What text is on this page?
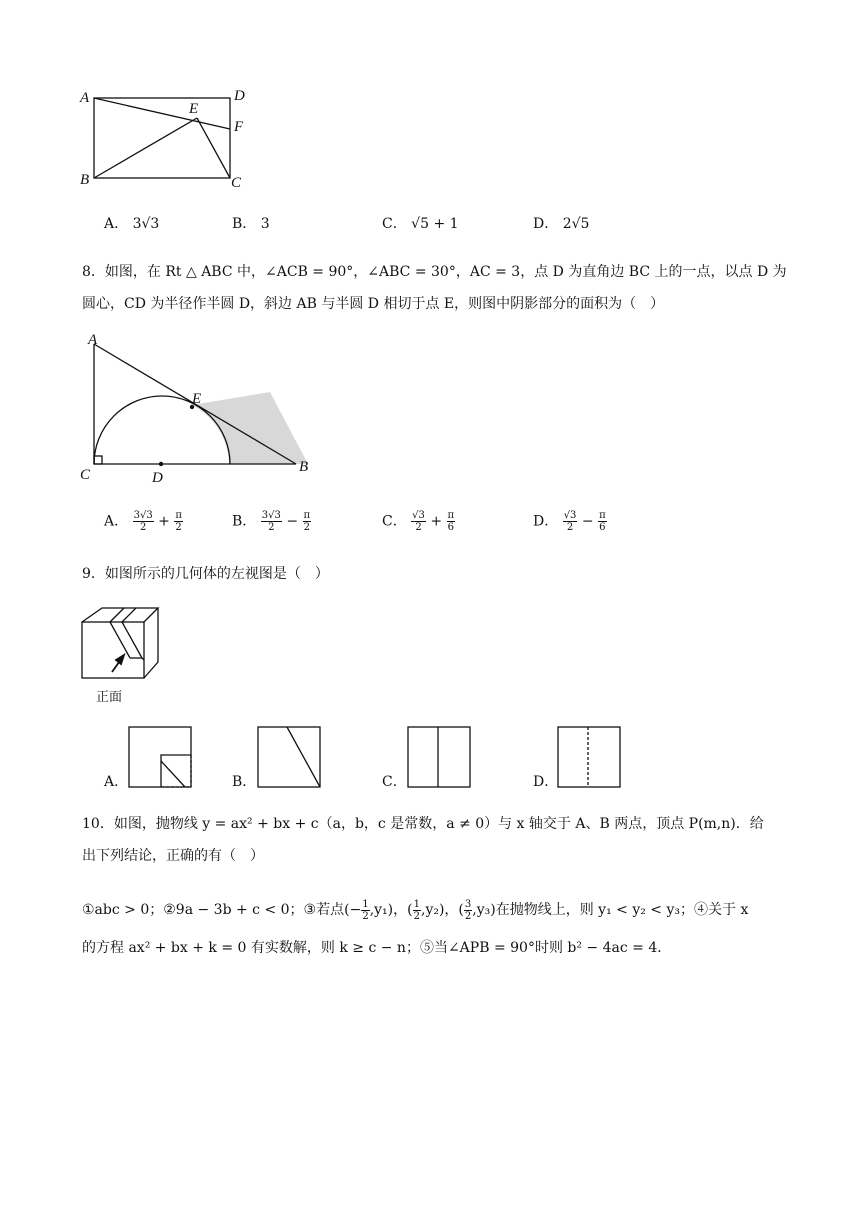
A	D
E
F
B	C
A． 3√3	B． 3	C． √5 + 1	D． 2√5
8．如图，在 Rt △ ABC 中，∠ACB = 90°，∠ABC = 30°，AC = 3，点 D 为直角边 BC 上的一点，以点 D 为
圆心，CD 为半径作半圆 D，斜边 AB 与半圆 D 相切于点 E，则图中阴影部分的面积为（　）
A
E
C	D
B
A． $\frac{3√3}{2} + \frac{\pi}{2}$	B． $\frac{3√3}{2} - \frac{\pi}{2}$	C． $\frac{√3}{2} + \frac{\pi}{6}$	D． $\frac{√3}{2} - \frac{\pi}{6}$
9．如图所示的几何体的左视图是（　）
正面
A．	B．	C．	D．
10．如图，抛物线 y = ax² + bx + c（a，b，c 是常数，a ≠ 0）与 x 轴交于 A、B 两点，顶点 P(m,n)．给
出下列结论，正确的有（　）
①abc > 0；②9a − 3b + c < 0；③若点(− $\frac{1}{2} ,y_1$)，( $\frac{1}{2} ,y_2$)，( $\frac{3}{2} ,y_3$)在抛物线上，则 y₁ < y₂ < y₃；④关于 x
的方程 ax² + bx + k = 0 有实数解，则 k ≥ c − n；⑤当∠APB = 90°时则 b² − 4ac = 4．
